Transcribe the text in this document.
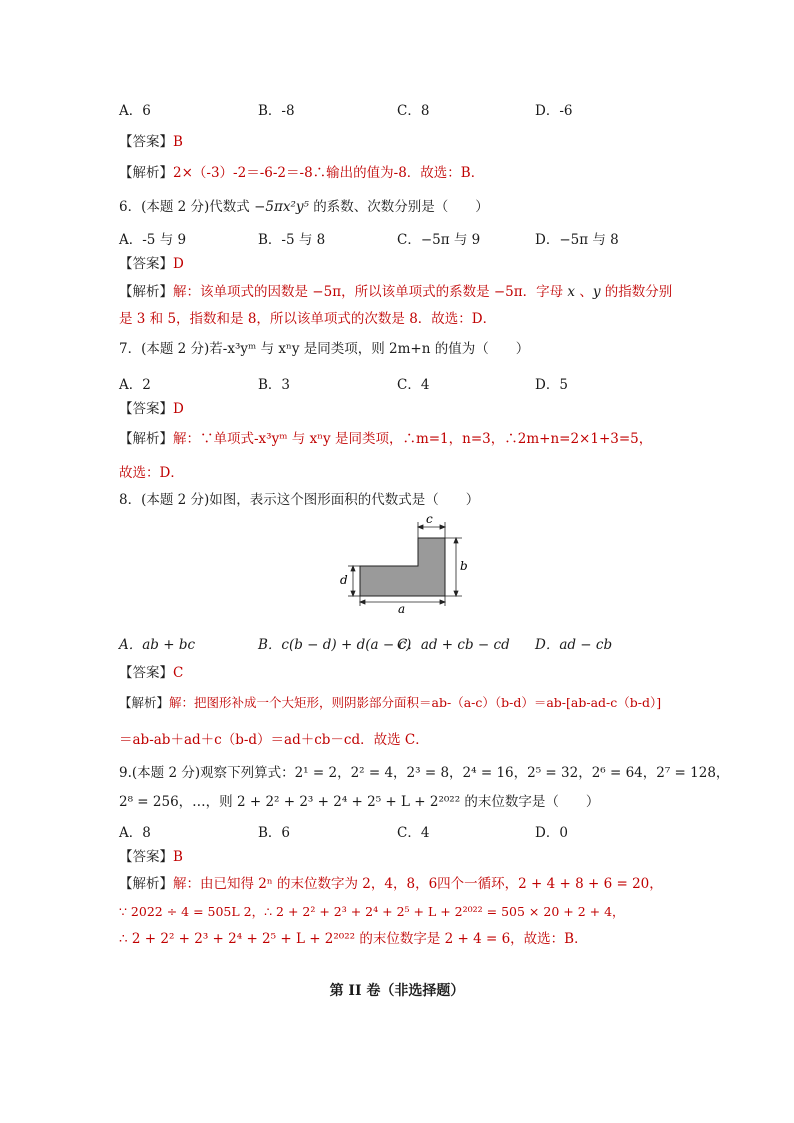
A．6	B．-8	C．8	D．-6
【答案】B
【解析】2×（-3）-2＝-6-2＝-8∴输出的值为-8．故选：B．
6．(本题 2 分)代数式 −5πx²y⁵ 的系数、次数分别是（　　）
A．-5 与 9	B．-5 与 8	C．−5π 与 9	D．−5π 与 8
【答案】D
【解析】解：该单项式的因数是 −5π，所以该单项式的系数是 −5π．字母 x 、y 的指数分别
是 3 和 5，指数和是 8，所以该单项式的次数是 8．故选：D．
7．(本题 2 分)若-x³yᵐ 与 xⁿy 是同类项，则 2m+n 的值为（　　）
A．2	B．3	C．4	D．5
【答案】D
【解析】解：∵单项式-x³yᵐ 与 xⁿy 是同类项，∴m=1，n=3，∴2m+n=2×1+3=5，
故选：D．
8．(本题 2 分)如图，表示这个图形面积的代数式是（　　）
c
b
d
a
A．ab + bc	B．c(b − d) + d(a − c)
C．ad + cb − cd D．ad − cb
【答案】C
【解析】解：把图形补成一个大矩形，则阴影部分面积＝ab-（a-c）（b-d）＝ab-[ab-ad-c（b-d）]
＝ab-ab＋ad＋c（b-d）＝ad＋cb－cd．故选 C．
9.(本题 2 分)观察下列算式：2¹ = 2，2² = 4，2³ = 8，2⁴ = 16，2⁵ = 32，2⁶ = 64，2⁷ = 128，
2⁸ = 256，…，则 2 + 2² + 2³ + 2⁴ + 2⁵ + L + 2²⁰²² 的末位数字是（　　）
A．8	B．6	C．4	D．0
【答案】B
【解析】解：由已知得 2ⁿ 的末位数字为 2，4，8，6四个一循环，2 + 4 + 8 + 6 = 20，
∵ 2022 ÷ 4 = 505L 2，∴ 2 + 2² + 2³ + 2⁴ + 2⁵ + L + 2²⁰²² = 505 × 20 + 2 + 4，
∴ 2 + 2² + 2³ + 2⁴ + 2⁵ + L + 2²⁰²² 的末位数字是 2 + 4 = 6，故选：B．
第 II 卷（非选择题）
